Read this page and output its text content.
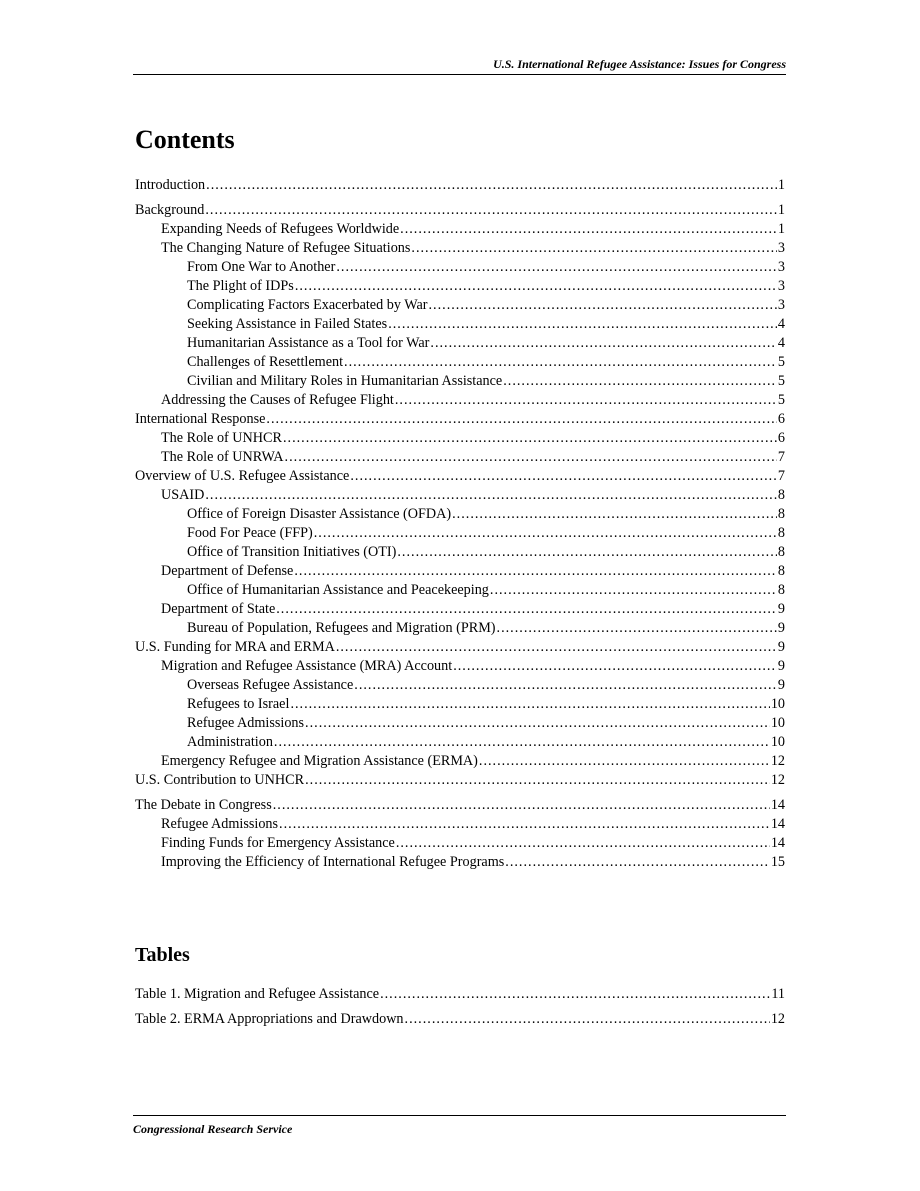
U.S. International Refugee Assistance: Issues for Congress
Contents
Introduction .....	1
Background .....	1
Expanding Needs of Refugees Worldwide .....	1
The Changing Nature of Refugee Situations .....	3
From One War to Another .....	3
The Plight of IDPs .....	3
Complicating Factors Exacerbated by War .....	3
Seeking Assistance in Failed States .....	4
Humanitarian Assistance as a Tool for War .....	4
Challenges of Resettlement .....	5
Civilian and Military Roles in Humanitarian Assistance .....	5
Addressing the Causes of Refugee Flight .....	5
International Response .....	6
The Role of UNHCR .....	6
The Role of UNRWA .....	7
Overview of U.S. Refugee Assistance .....	7
USAID .....	8
Office of Foreign Disaster Assistance (OFDA) .....	8
Food For Peace (FFP) .....	8
Office of Transition Initiatives (OTI) .....	8
Department of Defense .....	8
Office of Humanitarian Assistance and Peacekeeping .....	8
Department of State .....	9
Bureau of Population, Refugees and Migration (PRM) .....	9
U.S. Funding for MRA and ERMA .....	9
Migration and Refugee Assistance (MRA) Account .....	9
Overseas Refugee Assistance .....	9
Refugees to Israel .....	10
Refugee Admissions .....	10
Administration .....	10
Emergency Refugee and Migration Assistance (ERMA) .....	12
U.S. Contribution to UNHCR .....	12
The Debate in Congress .....	14
Refugee Admissions .....	14
Finding Funds for Emergency Assistance .....	14
Improving the Efficiency of International Refugee Programs .....	15
Tables
Table 1. Migration and Refugee Assistance .....	11
Table 2. ERMA Appropriations and Drawdown .....	12
Congressional Research Service
